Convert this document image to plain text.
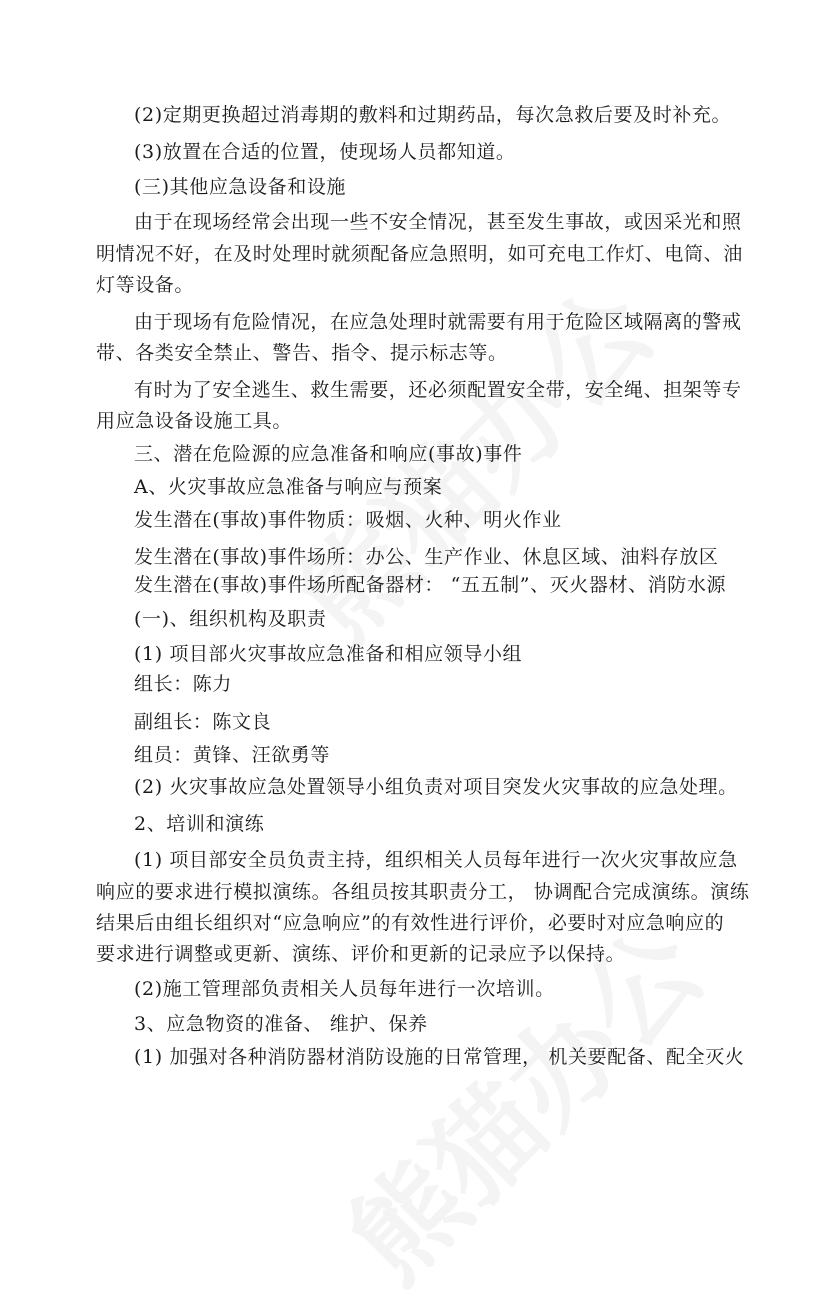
(2)定期更换超过消毒期的敷料和过期药品，每次急救后要及时补充。
(3)放置在合适的位置，使现场人员都知道。
(三)其他应急设备和设施
由于在现场经常会出现一些不安全情况，甚至发生事故，或因采光和照
明情况不好，在及时处理时就须配备应急照明，如可充电工作灯、电筒、油
灯等设备。
由于现场有危险情况，在应急处理时就需要有用于危险区域隔离的警戒
带、各类安全禁止、警告、指令、提示标志等。
有时为了安全逃生、救生需要，还必须配置安全带，安全绳、担架等专
用应急设备设施工具。
三、潜在危险源的应急准备和响应(事故)事件
A、火灾事故应急准备与响应与预案
发生潜在(事故)事件物质：吸烟、火种、明火作业
发生潜在(事故)事件场所：办公、生产作业、休息区域、油料存放区
发生潜在(事故)事件场所配备器材： “五五制”、灭火器材、消防水源
(一)、组织机构及职责
(1) 项目部火灾事故应急准备和相应领导小组
组长：陈力
副组长：陈文良
组员：黄锋、汪欲勇等
(2) 火灾事故应急处置领导小组负责对项目突发火灾事故的应急处理。
2、培训和演练
(1) 项目部安全员负责主持，组织相关人员每年进行一次火灾事故应急
响应的要求进行模拟演练。各组员按其职责分工， 协调配合完成演练。演练
结果后由组长组织对“应急响应”的有效性进行评价，必要时对应急响应的
要求进行调整或更新、演练、评价和更新的记录应予以保持。
(2)施工管理部负责相关人员每年进行一次培训。
3、应急物资的准备、 维护、保养
(1) 加强对各种消防器材消防设施的日常管理， 机关要配备、配全灭火
